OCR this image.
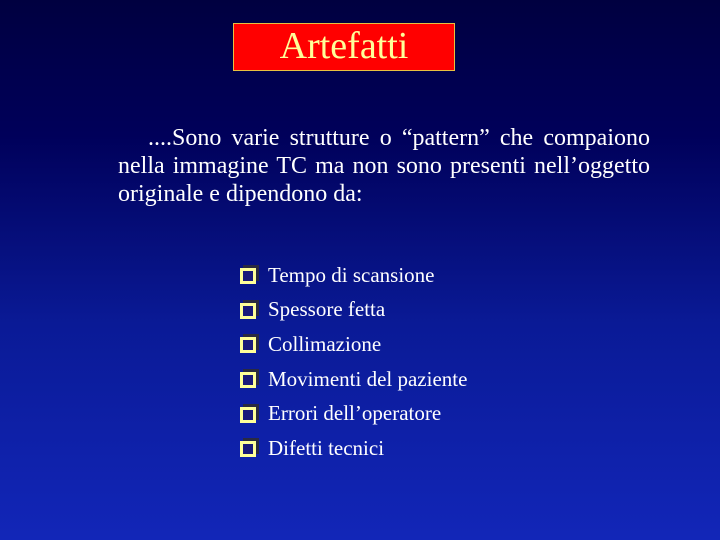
Artefatti

....Sono varie strutture o “pattern” che compaiono nella immagine TC ma non sono presenti nell’oggetto originale e dipendono da:

Tempo di scansione
Spessore fetta
Collimazione
Movimenti del paziente
Errori dell’operatore
Difetti tecnici
